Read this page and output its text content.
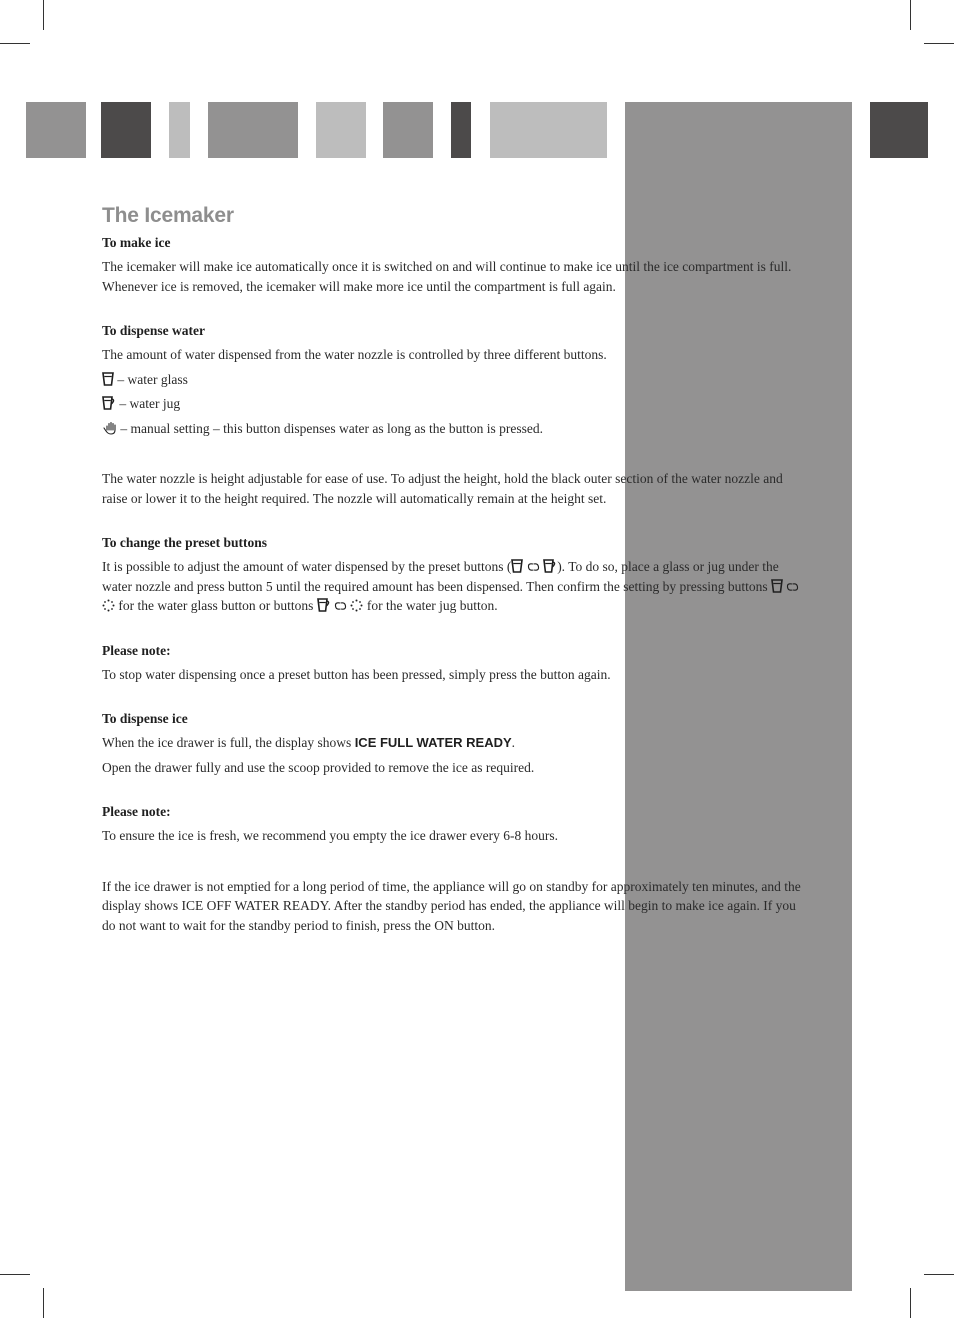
The Icemaker
To make ice

The icemaker will make ice automatically once it is switched on and will continue to make ice until the ice compartment is full. Whenever ice is removed, the icemaker will make more ice until the compartment is full again.

To dispense water

The amount of water dispensed from the water nozzle is controlled by three different buttons.

– water glass

– water jug

– manual setting – this button dispenses water as long as the button is pressed.

The water nozzle is height adjustable for ease of use. To adjust the height, hold the black outer section of the water nozzle and raise or lower it to the height required. The nozzle will automatically remain at the height set.

To change the preset buttons

It is possible to adjust the amount of water dispensed by the preset buttons (	). To do so, place a glass or jug under the water nozzle and press button 5 until the required amount has been dispensed. Then confirm the setting by pressing buttons    for the water glass button or buttons	for the water jug button.

Please note:

To stop water dispensing once a preset button has been pressed, simply press the button again.

To dispense ice

When the ice drawer is full, the display shows ICE FULL WATER READY.

Open the drawer fully and use the scoop provided to remove the ice as required.

Please note:

To ensure the ice is fresh, we recommend you empty the ice drawer every 6-8 hours.

If the ice drawer is not emptied for a long period of time, the appliance will go on standby for approximately ten minutes, and the display shows ICE OFF WATER READY. After the standby period has ended, the appliance will begin to make ice again. If you do not want to wait for the standby period to finish, press the ON button.
